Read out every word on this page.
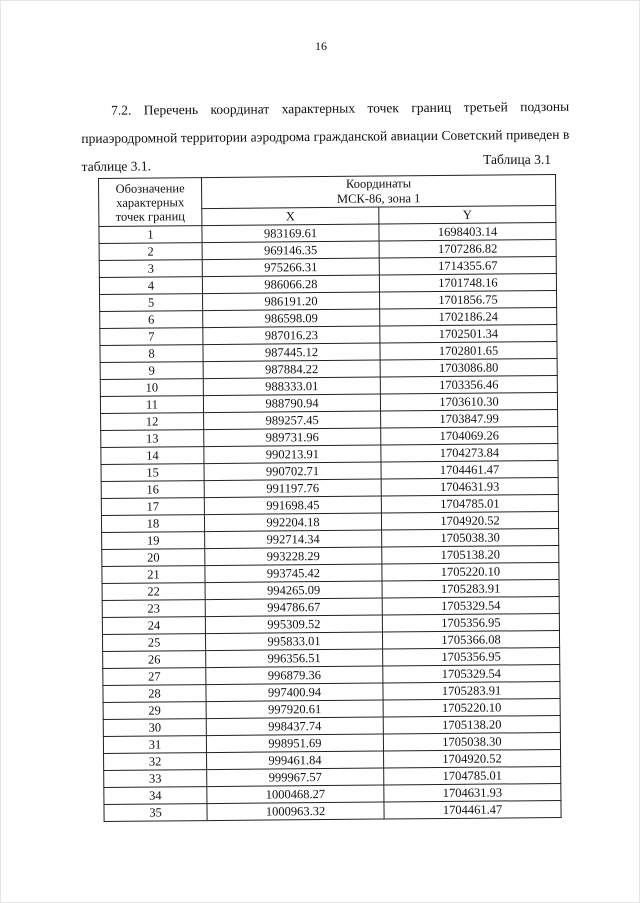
16

7.2. Перечень координат характерных точек границ третьей подзоны приаэродромной территории аэродрома гражданской авиации Советский приведен в таблице 3.1.	Таблица 3.1
Обозначение характерных точек границ	Координаты
МСК-86, зона 1	

	X	Y
1	983169.61	1698403.14
2	969146.35	1707286.82
3	975266.31	1714355.67
4	986066.28	1701748.16
5	986191.20	1701856.75
6	986598.09	1702186.24
7	987016.23	1702501.34
8	987445.12	1702801.65
9	987884.22	1703086.80
10	988333.01	1703356.46
11	988790.94	1703610.30
12	989257.45	1703847.99
13	989731.96	1704069.26
14	990213.91	1704273.84
15	990702.71	1704461.47
16	991197.76	1704631.93
17	991698.45	1704785.01
18	992204.18	1704920.52
19	992714.34	1705038.30
20	993228.29	1705138.20
21	993745.42	1705220.10
22	994265.09	1705283.91
23	994786.67	1705329.54
24	995309.52	1705356.95
25	995833.01	1705366.08
26	996356.51	1705356.95
27	996879.36	1705329.54
28	997400.94	1705283.91
29	997920.61	1705220.10
30	998437.74	1705138.20
31	998951.69	1705038.30
32	999461.84	1704920.52
33	999967.57	1704785.01
34	1000468.27	1704631.93
35	1000963.32	1704461.47
